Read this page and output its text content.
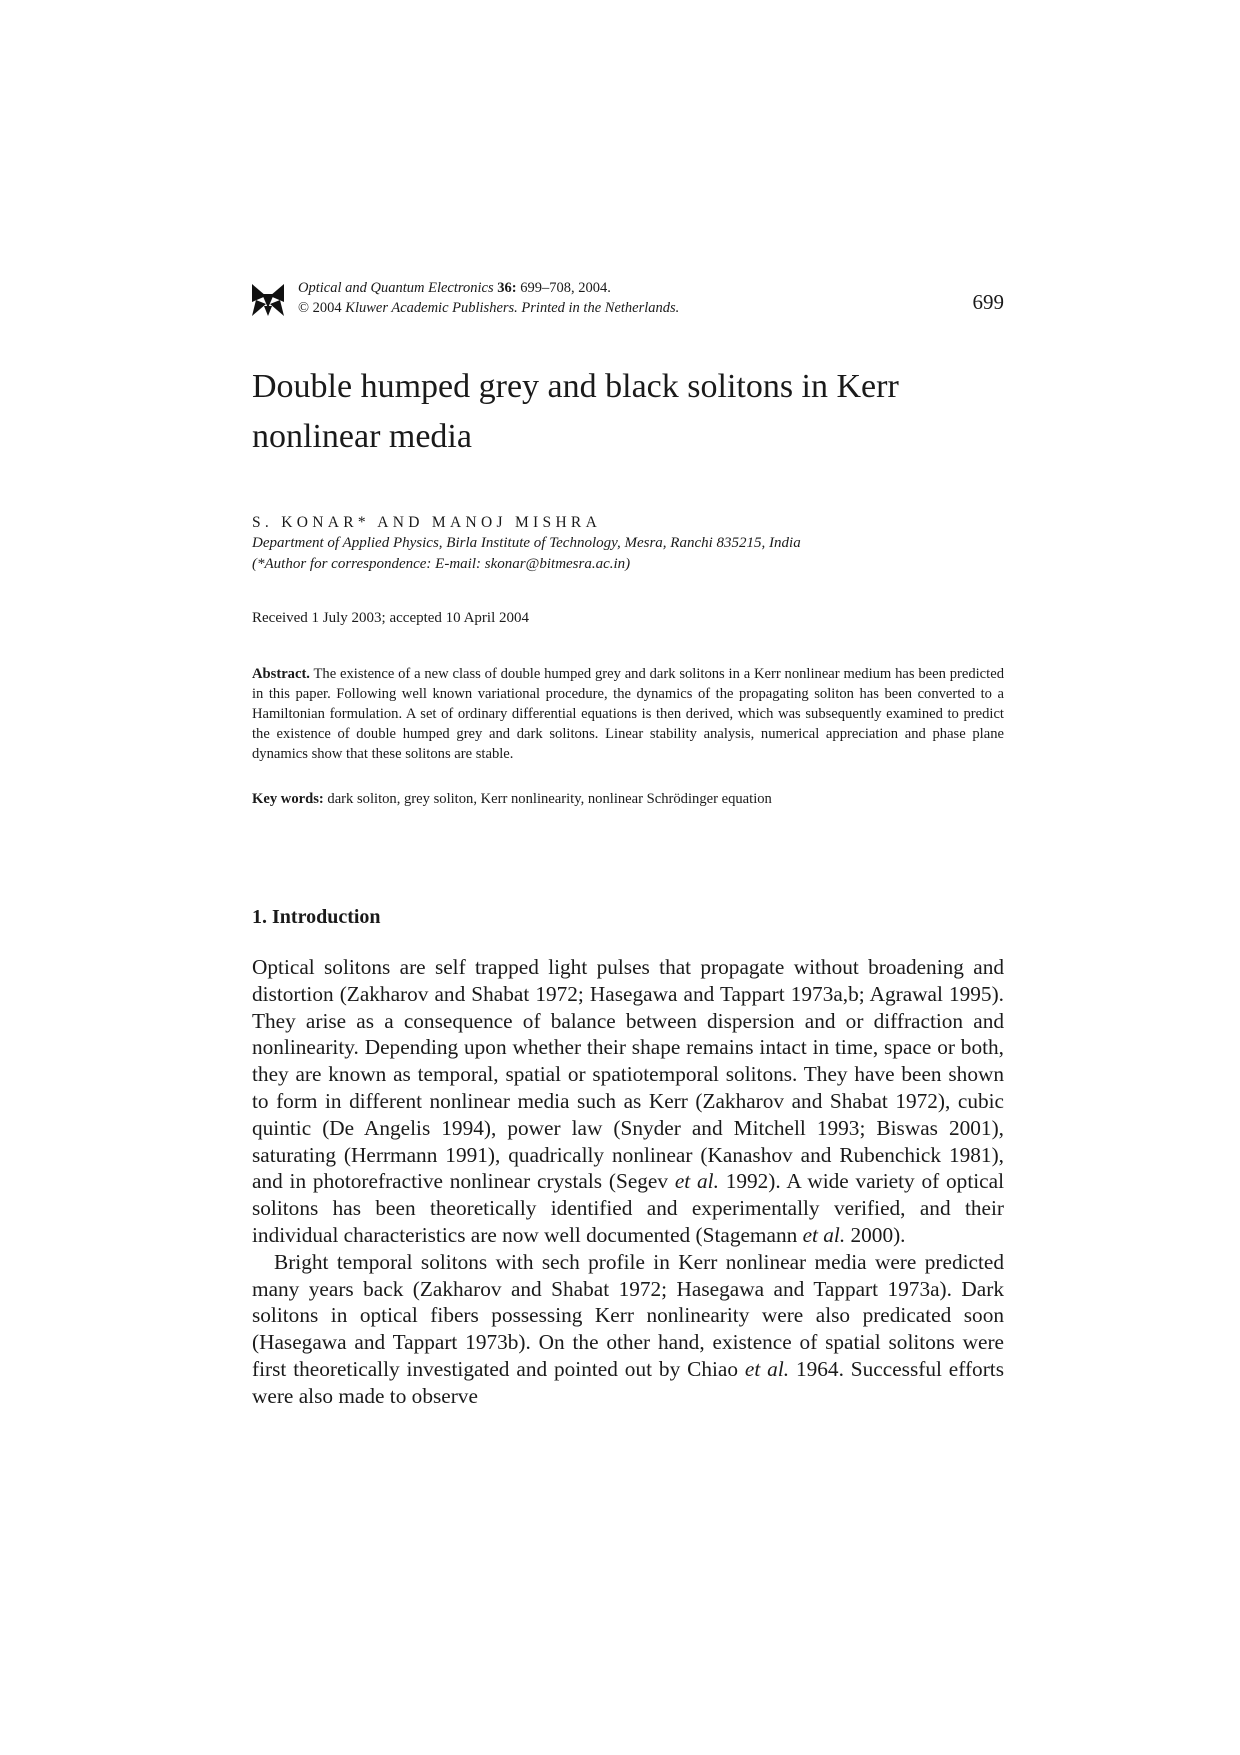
Optical and Quantum Electronics 36: 699–708, 2004.
© 2004 Kluwer Academic Publishers. Printed in the Netherlands.	699
Double humped grey and black solitons in Kerr nonlinear media
S. KONAR* AND MANOJ MISHRA
Department of Applied Physics, Birla Institute of Technology, Mesra, Ranchi 835215, India
(*Author for correspondence: E-mail: skonar@bitmesra.ac.in)
Received 1 July 2003; accepted 10 April 2004
Abstract. The existence of a new class of double humped grey and dark solitons in a Kerr nonlinear medium has been predicted in this paper. Following well known variational procedure, the dynamics of the propagating soliton has been converted to a Hamiltonian formulation. A set of ordinary differential equations is then derived, which was subsequently examined to predict the existence of double humped grey and dark solitons. Linear stability analysis, numerical appreciation and phase plane dynamics show that these solitons are stable.
Key words: dark soliton, grey soliton, Kerr nonlinearity, nonlinear Schrödinger equation
1. Introduction

Optical solitons are self trapped light pulses that propagate without broadening and distortion (Zakharov and Shabat 1972; Hasegawa and Tappart 1973a,b; Agrawal 1995). They arise as a consequence of balance between dispersion and or diffraction and nonlinearity. Depending upon whether their shape remains intact in time, space or both, they are known as temporal, spatial or spatiotemporal solitons. They have been shown to form in different nonlinear media such as Kerr (Zakharov and Shabat 1972), cubic quintic (De Angelis 1994), power law (Snyder and Mitchell 1993; Biswas 2001), saturating (Herrmann 1991), quadrically nonlinear (Kanashov and Rubenchick 1981), and in photorefractive nonlinear crystals (Segev et al. 1992). A wide variety of optical solitons has been theoretically identified and experimentally verified, and their individual characteristics are now well documented (Stagemann et al. 2000).

Bright temporal solitons with sech profile in Kerr nonlinear media were predicted many years back (Zakharov and Shabat 1972; Hasegawa and Tappart 1973a). Dark solitons in optical fibers possessing Kerr nonlinearity were also predicated soon (Hasegawa and Tappart 1973b). On the other hand, existence of spatial solitons were first theoretically investigated and pointed out by Chiao et al. 1964. Successful efforts were also made to observe
